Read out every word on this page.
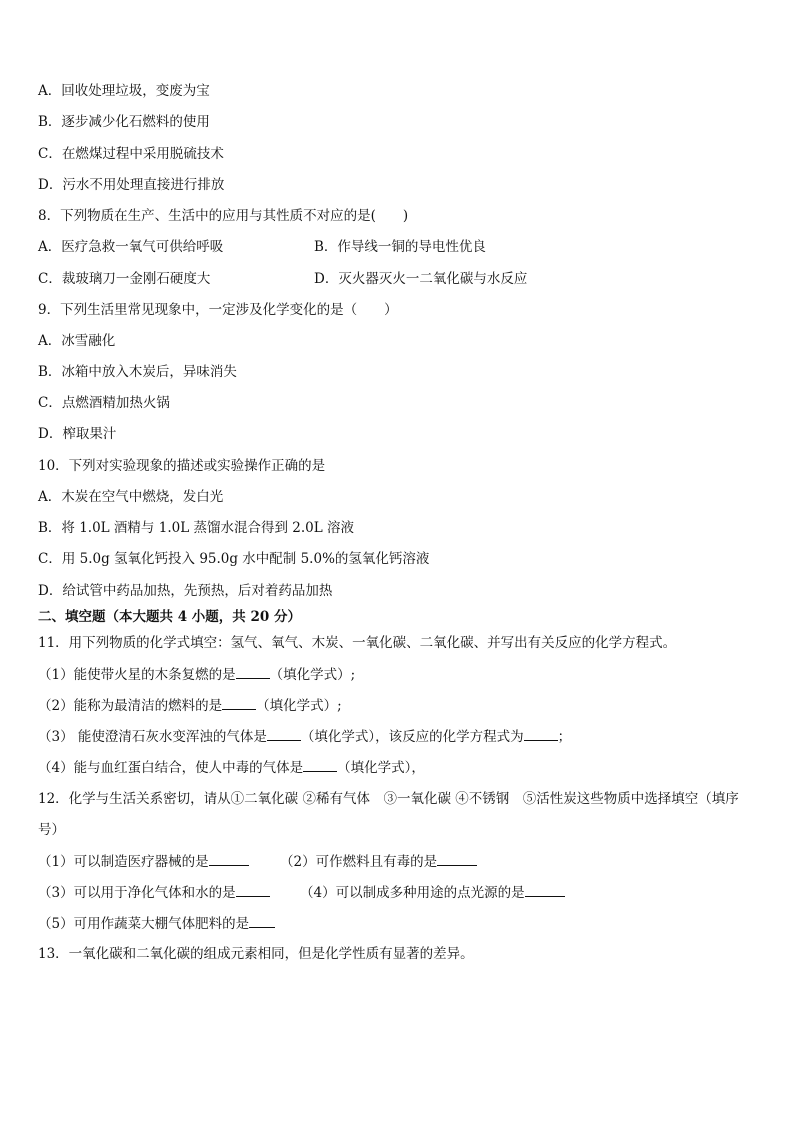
A．回收处理垃圾，变废为宝
B．逐步减少化石燃料的使用
C．在燃煤过程中采用脱硫技术
D．污水不用处理直接进行排放
8．下列物质在生产、生活中的应用与其性质不对应的是(　　)
A．医疗急救一氧气可供给呼吸	B．作导线一铜的导电性优良
C．裁玻璃刀一金刚石硬度大	D．灭火器灭火一二氧化碳与水反应
9．下列生活里常见现象中，一定涉及化学变化的是（　　）
A．冰雪融化
B．冰箱中放入木炭后，异味消失
C．点燃酒精加热火锅
D．榨取果汁
10．下列对实验现象的描述或实验操作正确的是
A．木炭在空气中燃烧，发白光
B．将 1.0L 酒精与 1.0L 蒸馏水混合得到 2.0L 溶液
C．用 5.0g 氢氧化钙投入 95.0g 水中配制 5.0%的氢氧化钙溶液
D．给试管中药品加热，先预热，后对着药品加热
二、填空题（本大题共 4 小题，共 20 分）
11．用下列物质的化学式填空：氢气、氧气、木炭、一氧化碳、二氧化碳、并写出有关反应的化学方程式。
（1）能使带火星的木条复燃的是	（填化学式）;
（2）能称为最清洁的燃料的是	（填化学式）;
（3） 能使澄清石灰水变浑浊的气体是	（填化学式），该反应的化学方程式为	；
（4）能与血红蛋白结合，使人中毒的气体是	（填化学式），
12．化学与生活关系密切，请从①二氧化碳 ②稀有气体　③一氧化碳 ④不锈钢　⑤活性炭这些物质中选择填空（填序
号）
（1）可以制造医疗器械的是	（2）可作燃料且有毒的是
（3）可以用于净化气体和水的是	（4）可以制成多种用途的点光源的是
（5）可用作蔬菜大棚气体肥料的是
13．一氧化碳和二氧化碳的组成元素相同，但是化学性质有显著的差异。
